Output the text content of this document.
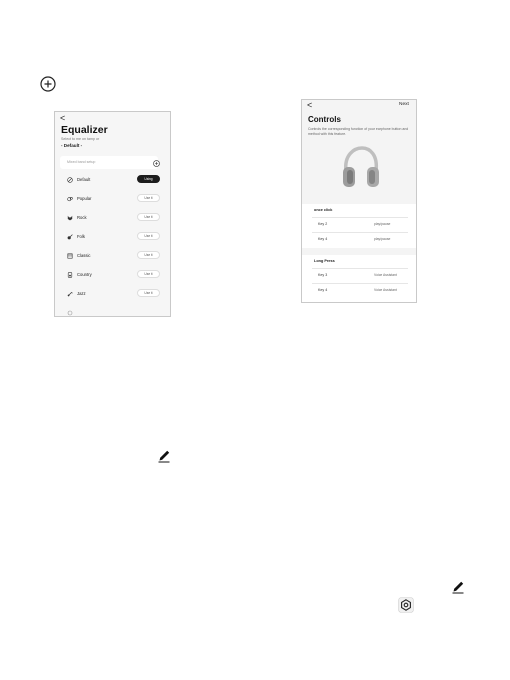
<
Equalizer
Select to me on tamp or
- Default -
Mixed band setup
Default	Using
Popular	Use it
Rock	Use it
Folk	Use it
Classic	Use it
Country	Use it
Jazz	Use it
<	Next
Controls
Controls the corresponding function of your earphone button and method with this feature.
once click
Key 2	play/pause
Key 4	play/pause
Long Press
Key 3	Voice Assistant
Key 4	Voice Assistant
